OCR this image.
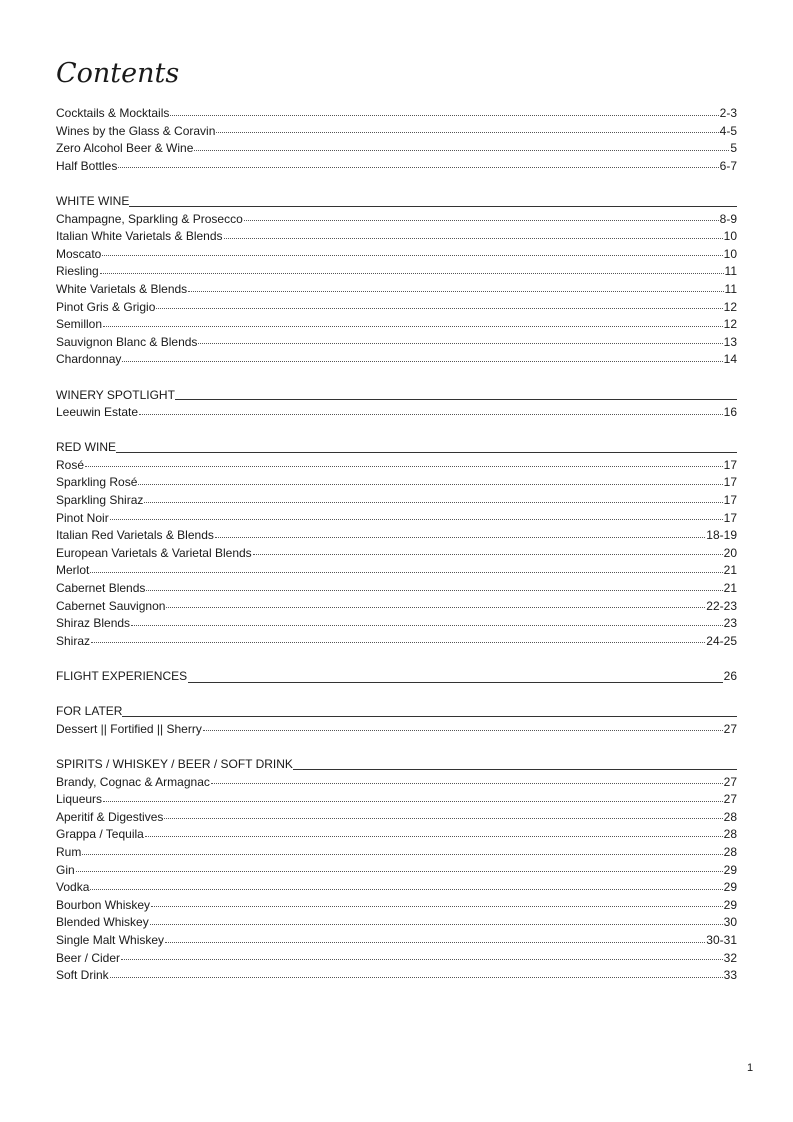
Contents
Cocktails & Mocktails	2-3
Wines by the Glass & Coravin	4-5
Zero Alcohol Beer & Wine	5
Half Bottles	6-7
WHITE WINE
Champagne, Sparkling & Prosecco	8-9
Italian White Varietals & Blends	10
Moscato	10
Riesling	11
White Varietals & Blends	11
Pinot Gris & Grigio	12
Semillon	12
Sauvignon Blanc & Blends	13
Chardonnay	14
WINERY SPOTLIGHT
Leeuwin Estate	16
RED WINE
Rosé	17
Sparkling Rosé	17
Sparkling Shiraz	17
Pinot Noir	17
Italian Red Varietals & Blends	18-19
European Varietals & Varietal Blends	20
Merlot	21
Cabernet Blends	21
Cabernet Sauvignon	22-23
Shiraz Blends	23
Shiraz	24-25
FLIGHT EXPERIENCES	26
FOR LATER
Dessert || Fortified || Sherry	27
SPIRITS / WHISKEY / BEER / SOFT DRINK
Brandy, Cognac & Armagnac	27
Liqueurs	27
Aperitif & Digestives	28
Grappa / Tequila	28
Rum	28
Gin	29
Vodka	29
Bourbon Whiskey	29
Blended Whiskey	30
Single Malt Whiskey	30-31
Beer / Cider	32
Soft Drink	33
1
